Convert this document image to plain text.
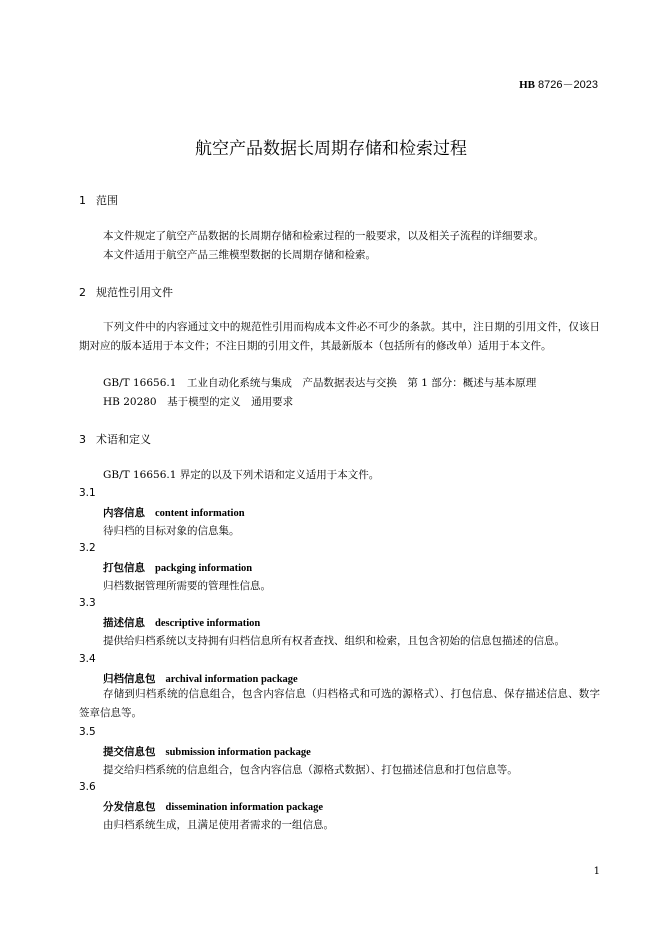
HB 8726－2023
航空产品数据长周期存储和检索过程
1 范围
本文件规定了航空产品数据的长周期存储和检索过程的一般要求，以及相关子流程的详细要求。
本文件适用于航空产品三维模型数据的长周期存储和检索。
2 规范性引用文件
下列文件中的内容通过文中的规范性引用而构成本文件必不可少的条款。其中，注日期的引用文件，仅该日期对应的版本适用于本文件；不注日期的引用文件，其最新版本（包括所有的修改单）适用于本文件。
GB/T 16656.1　工业自动化系统与集成　产品数据表达与交换　第 1 部分：概述与基本原理
HB 20280　基于模型的定义　通用要求
3 术语和定义
GB/T 16656.1 界定的以及下列术语和定义适用于本文件。
3.1
内容信息 content information
待归档的目标对象的信息集。
3.2
打包信息 packging information
归档数据管理所需要的管理性信息。
3.3
描述信息 descriptive information
提供给归档系统以支持拥有归档信息所有权者查找、组织和检索，且包含初始的信息包描述的信息。
3.4
归档信息包 archival information package
存储到归档系统的信息组合，包含内容信息（归档格式和可选的源格式）、打包信息、保存描述信息、数字签章信息等。
3.5
提交信息包 submission information package
提交给归档系统的信息组合，包含内容信息（源格式数据）、打包描述信息和打包信息等。
3.6
分发信息包 dissemination information package
由归档系统生成，且满足使用者需求的一组信息。
1
